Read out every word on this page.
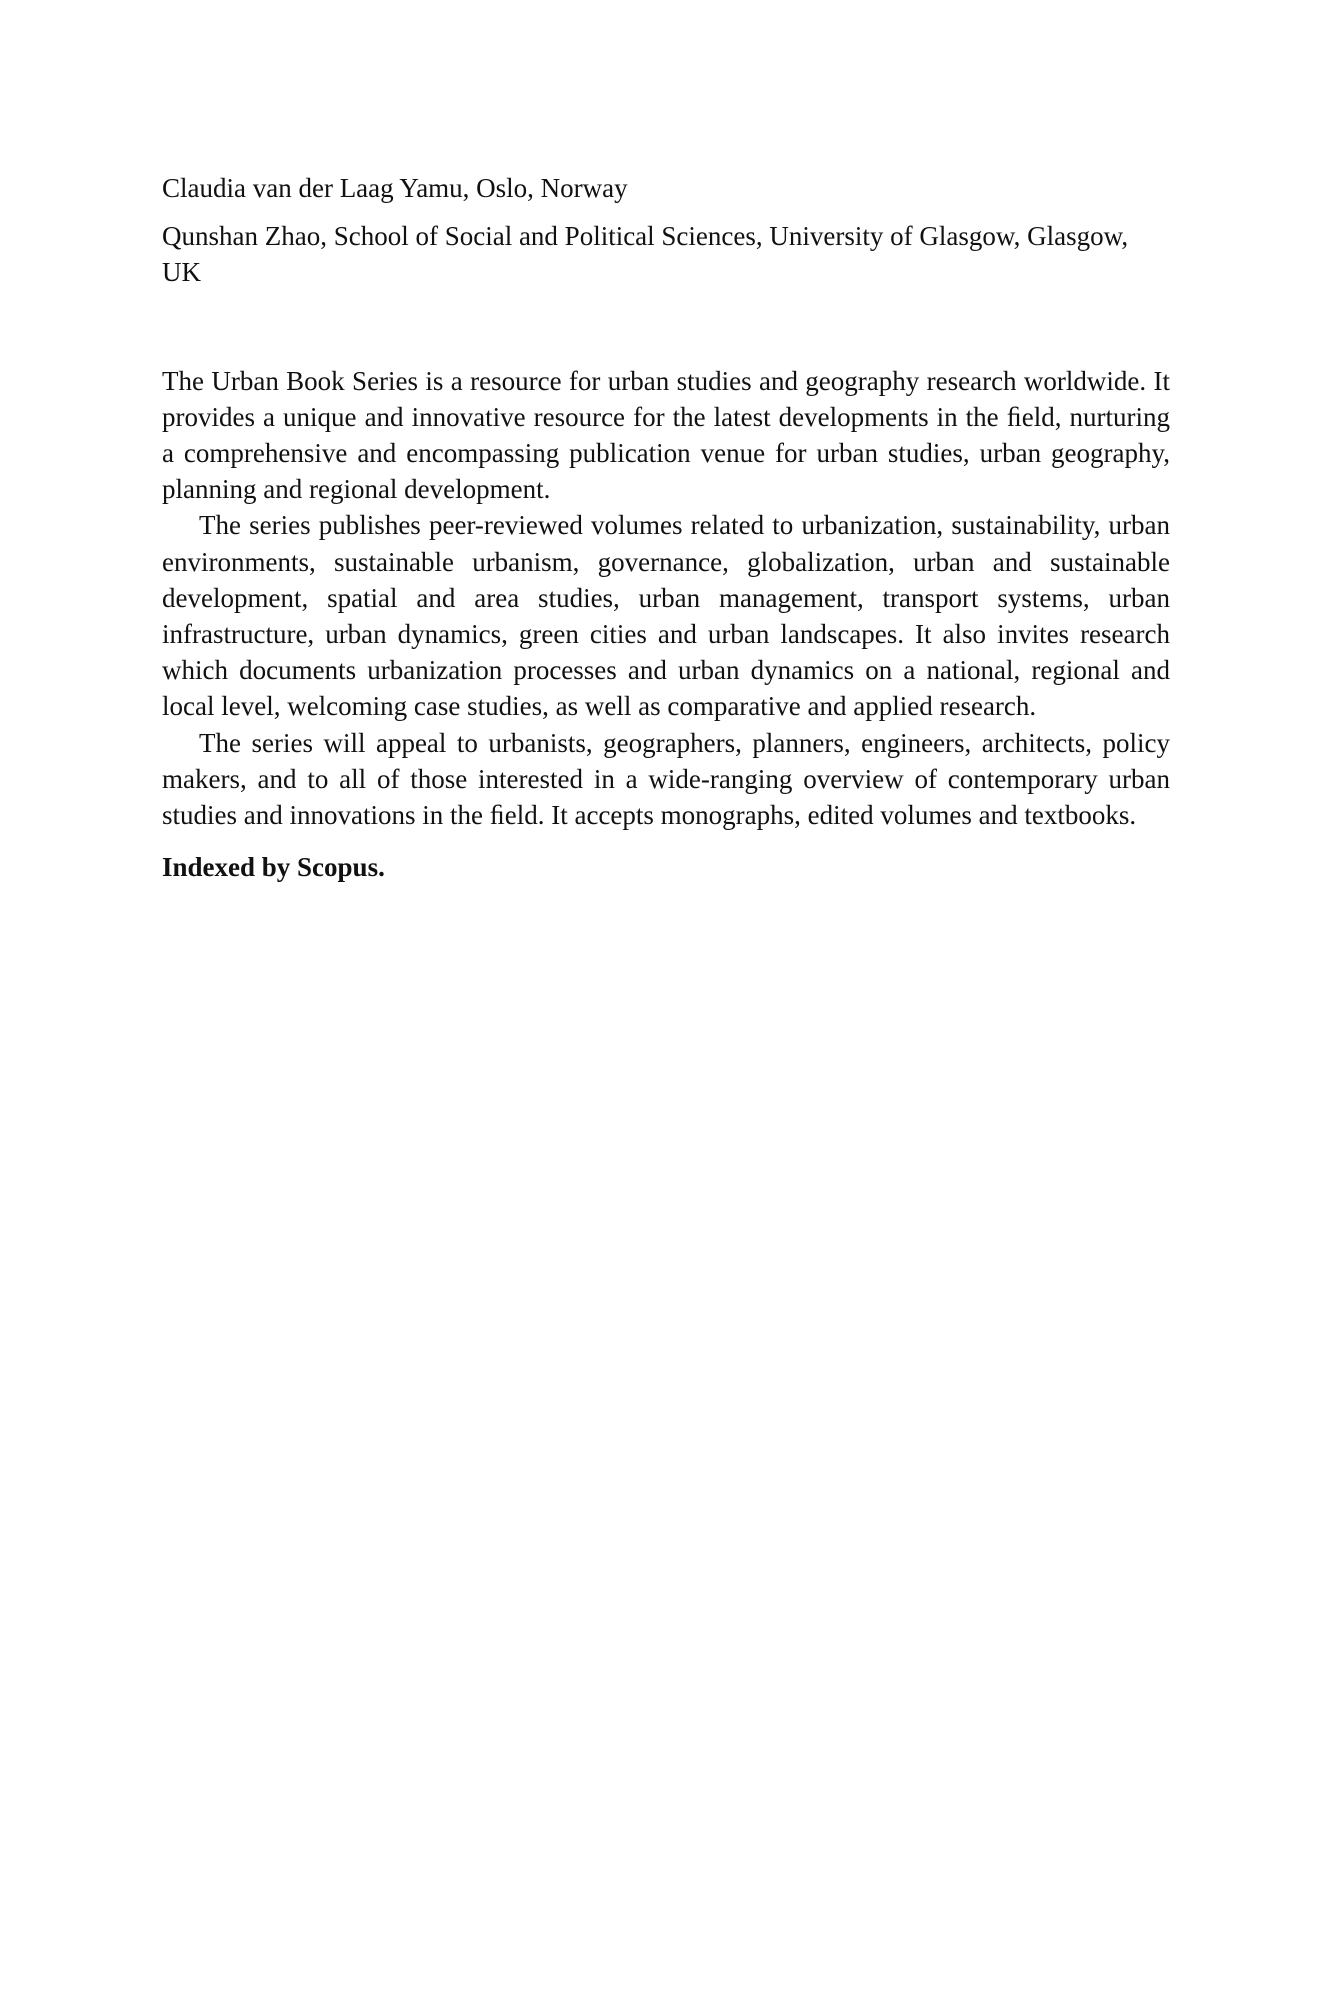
Claudia van der Laag Yamu, Oslo, Norway

Qunshan Zhao, School of Social and Political Sciences, University of Glasgow, Glasgow, UK

The Urban Book Series is a resource for urban studies and geography research worldwide. It provides a unique and innovative resource for the latest developments in the ﬁeld, nurturing a comprehensive and encompassing publication venue for urban studies, urban geography, planning and regional development.

The series publishes peer-reviewed volumes related to urbanization, sustainability, urban environments, sustainable urbanism, governance, globalization, urban and sustainable development, spatial and area studies, urban management, transport systems, urban infrastructure, urban dynamics, green cities and urban landscapes. It also invites research which documents urbanization processes and urban dynamics on a national, regional and local level, welcoming case studies, as well as comparative and applied research.

The series will appeal to urbanists, geographers, planners, engineers, architects, policy makers, and to all of those interested in a wide-ranging overview of contemporary urban studies and innovations in the ﬁeld. It accepts monographs, edited volumes and textbooks.

Indexed by Scopus.
